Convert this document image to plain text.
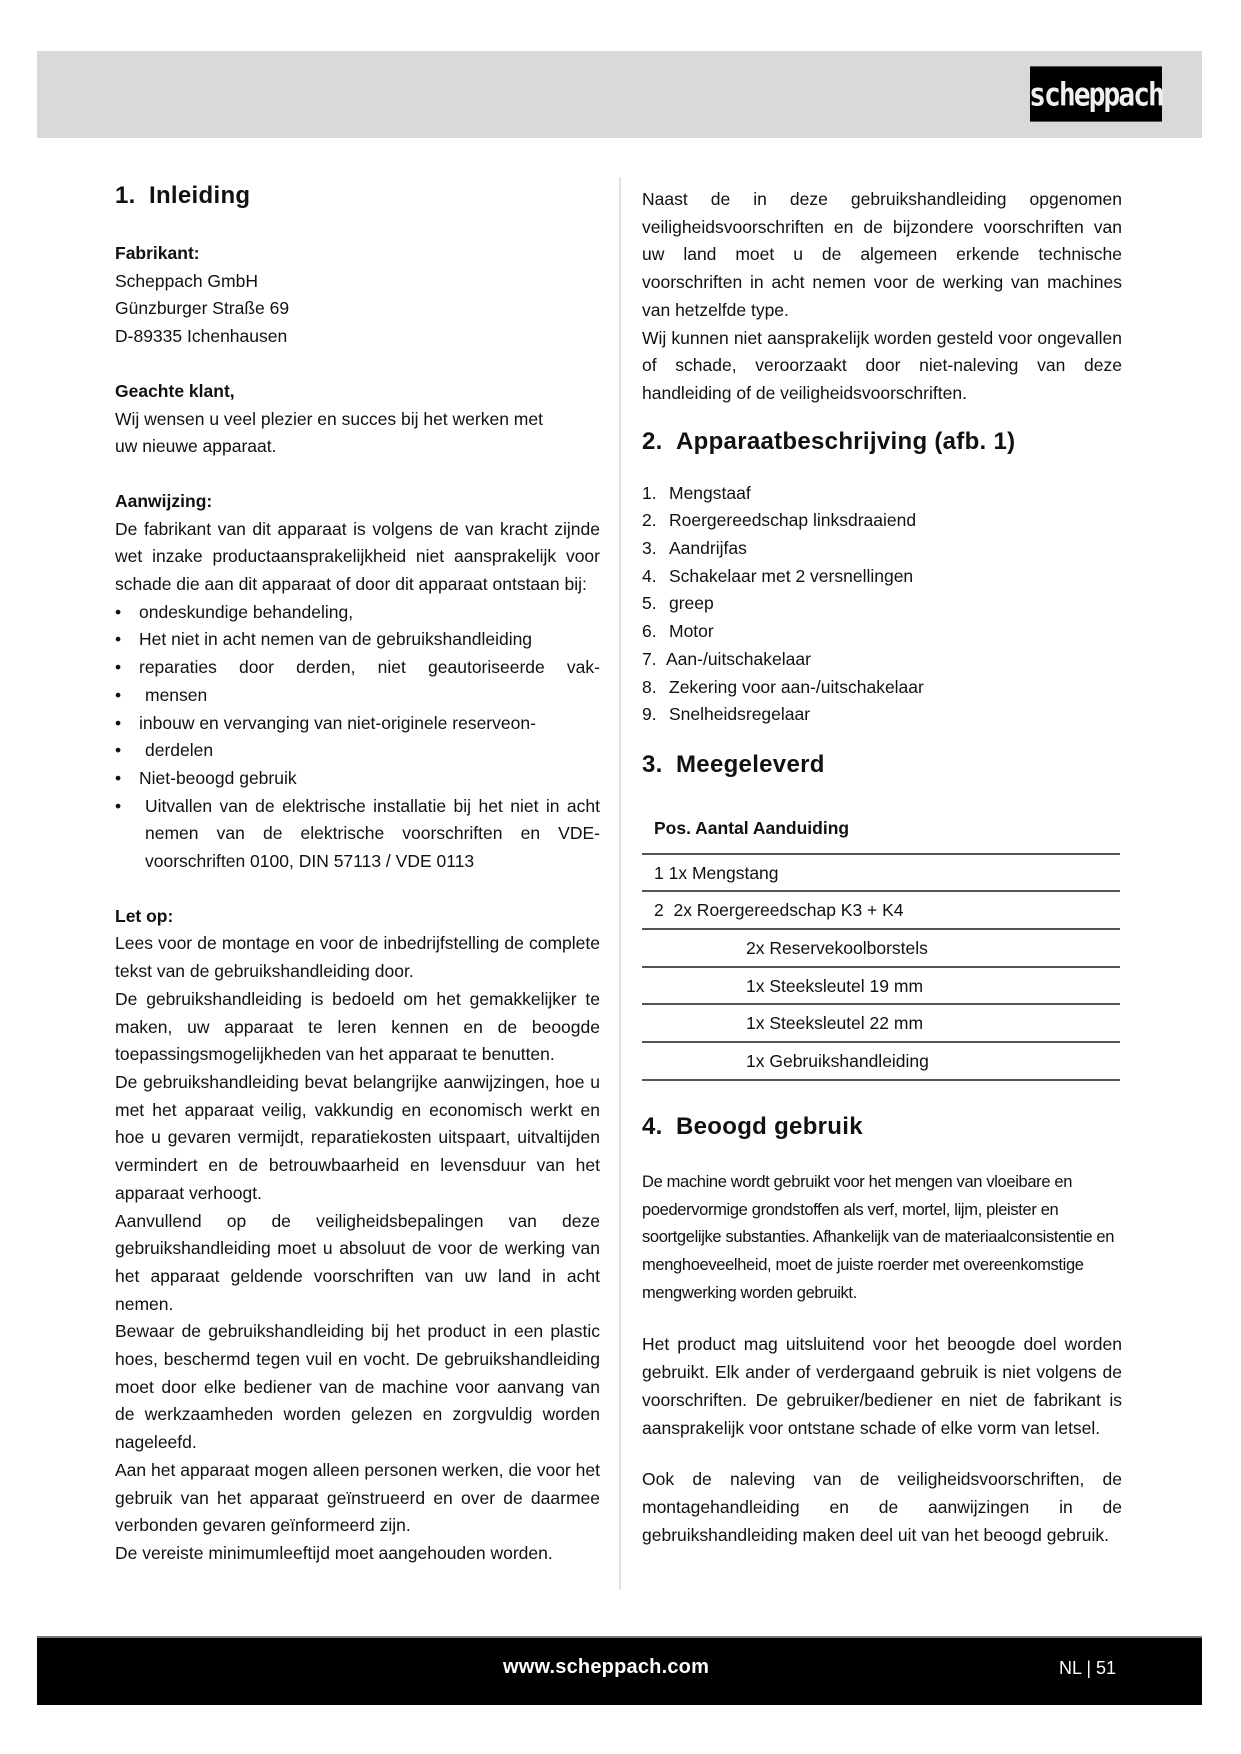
scheppach
1. Inleiding
Fabrikant:
Scheppach GmbH
Günzburger Straße 69
D-89335 Ichenhausen
Geachte klant,
Wij wensen u veel plezier en succes bij het werken met
uw nieuwe apparaat.
Aanwijzing:

De fabrikant van dit apparaat is volgens de van kracht zijnde wet inzake productaansprakelijkheid niet aansprakelijk voor schade die aan dit apparaat of door dit apparaat ontstaan bij:

• ondeskundige behandeling,
• Het niet in acht nemen van de gebruikshandleiding
• reparaties door derden, niet geautoriseerde vak-
• mensen
• inbouw en vervanging van niet-originele reserveon-
• derdelen
• Niet-beoogd gebruik
• Uitvallen van de elektrische installatie bij het niet in acht nemen van de elektrische voorschriften en VDE-voorschriften 0100, DIN 57113 / VDE 0113
Let op:

Lees voor de montage en voor de inbedrijfstelling de complete tekst van de gebruikshandleiding door.

De gebruikshandleiding is bedoeld om het gemakkelijker te maken, uw apparaat te leren kennen en de beoogde toepassingsmogelijkheden van het apparaat te benutten.

De gebruikshandleiding bevat belangrijke aanwijzingen, hoe u met het apparaat veilig, vakkundig en economisch werkt en hoe u gevaren vermijdt, reparatiekosten uitspaart, uitvaltijden vermindert en de betrouwbaarheid en levensduur van het apparaat verhoogt.

Aanvullend op de veiligheidsbepalingen van deze gebruikshandleiding moet u absoluut de voor de werking van het apparaat geldende voorschriften van uw land in acht nemen.

Bewaar de gebruikshandleiding bij het product in een plastic hoes, beschermd tegen vuil en vocht. De gebruikshandleiding moet door elke bediener van de machine voor aanvang van de werkzaamheden worden gelezen en zorgvuldig worden nageleefd.

Aan het apparaat mogen alleen personen werken, die voor het gebruik van het apparaat geïnstrueerd en over de daarmee verbonden gevaren geïnformeerd zijn.

De vereiste minimumleeftijd moet aangehouden worden.

Naast de in deze gebruikshandleiding opgenomen veiligheidsvoorschriften en de bijzondere voorschriften van uw land moet u de algemeen erkende technische voorschriften in acht nemen voor de werking van machines van hetzelfde type.

Wij kunnen niet aansprakelijk worden gesteld voor ongevallen of schade, veroorzaakt door niet-naleving van deze handleiding of de veiligheidsvoorschriften.

2. Apparaatbeschrijving (afb. 1)
1. Mengstaaf
2. Roergereedschap linksdraaiend
3. Aandrijfas
4. Schakelaar met 2 versnellingen
5. greep
6. Motor
7. Aan-/uitschakelaar
8. Zekering voor aan-/uitschakelaar
9. Snelheidsregelaar
3. Meegeleverd
Pos. Aantal Aanduiding
1 1x Mengstang
2  2x Roergereedschap K3 + K4
2x Reservekoolborstels
1x Steeksleutel 19 mm
1x Steeksleutel 22 mm
1x Gebruikshandleiding
4. Beoogd gebruik

De machine wordt gebruikt voor het mengen van vloeibare en poedervormige grondstoffen als verf, mortel, lijm, pleister en soortgelijke substanties. Afhankelijk van de materiaalconsistentie en menghoeveelheid, moet de juiste roerder met overeenkomstige mengwerking worden gebruikt.

Het product mag uitsluitend voor het beoogde doel worden gebruikt. Elk ander of verdergaand gebruik is niet volgens de voorschriften. De gebruiker/bediener en niet de fabrikant is aansprakelijk voor ontstane schade of elke vorm van letsel.

Ook de naleving van de veiligheidsvoorschriften, de montagehandleiding en de aanwijzingen in de gebruikshandleiding maken deel uit van het beoogd gebruik.

www.scheppach.com	NL | 51
